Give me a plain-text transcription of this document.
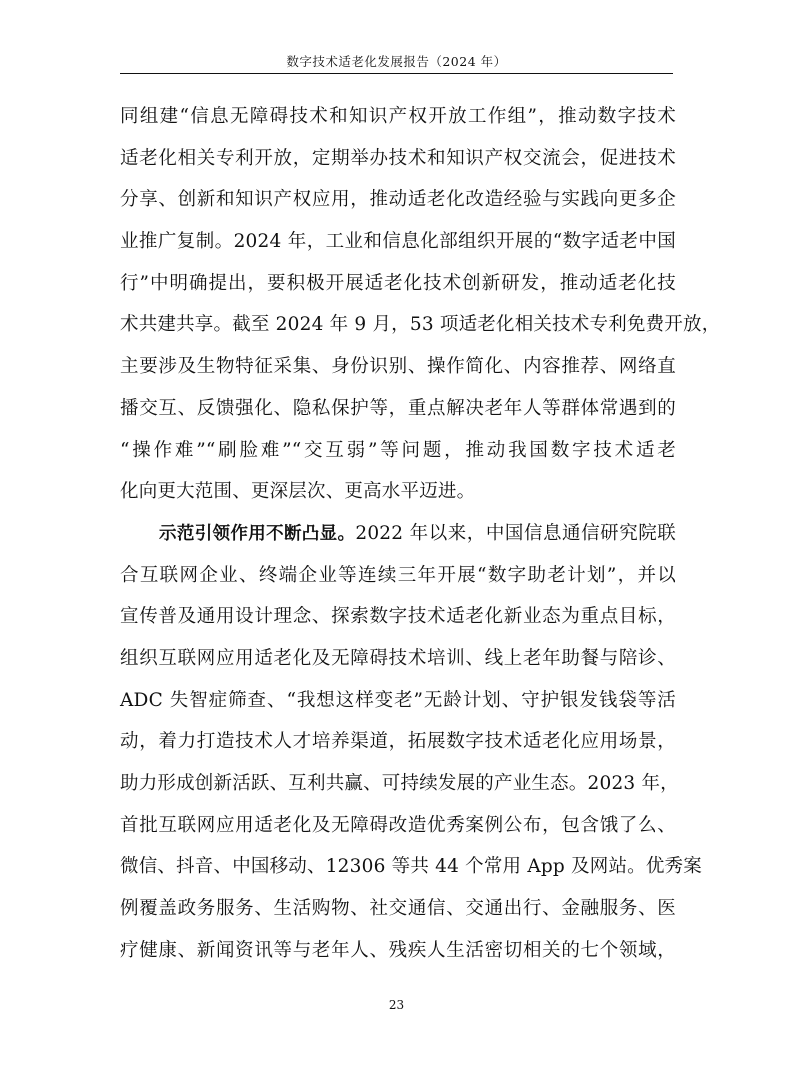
数字技术适老化发展报告（2024 年）
同组建“信息无障碍技术和知识产权开放工作组”，推动数字技术
适老化相关专利开放，定期举办技术和知识产权交流会，促进技术
分享、创新和知识产权应用，推动适老化改造经验与实践向更多企
业推广复制。2024 年，工业和信息化部组织开展的“数字适老中国
行”中明确提出，要积极开展适老化技术创新研发，推动适老化技
术共建共享。截至 2024 年 9 月，53 项适老化相关技术专利免费开放，
主要涉及生物特征采集、身份识别、操作简化、内容推荐、网络直
播交互、反馈强化、隐私保护等，重点解决老年人等群体常遇到的
“操作难”“刷脸难”“交互弱”等问题，推动我国数字技术适老
化向更大范围、更深层次、更高水平迈进。
示范引领作用不断凸显。2022 年以来，中国信息通信研究院联
合互联网企业、终端企业等连续三年开展“数字助老计划”，并以
宣传普及通用设计理念、探索数字技术适老化新业态为重点目标，
组织互联网应用适老化及无障碍技术培训、线上老年助餐与陪诊、
ADC 失智症筛查、“我想这样变老”无龄计划、守护银发钱袋等活
动，着力打造技术人才培养渠道，拓展数字技术适老化应用场景，
助力形成创新活跃、互利共赢、可持续发展的产业生态。2023 年，
首批互联网应用适老化及无障碍改造优秀案例公布，包含饿了么、
微信、抖音、中国移动、12306 等共 44 个常用 App 及网站。优秀案
例覆盖政务服务、生活购物、社交通信、交通出行、金融服务、医
疗健康、新闻资讯等与老年人、残疾人生活密切相关的七个领域，
23
